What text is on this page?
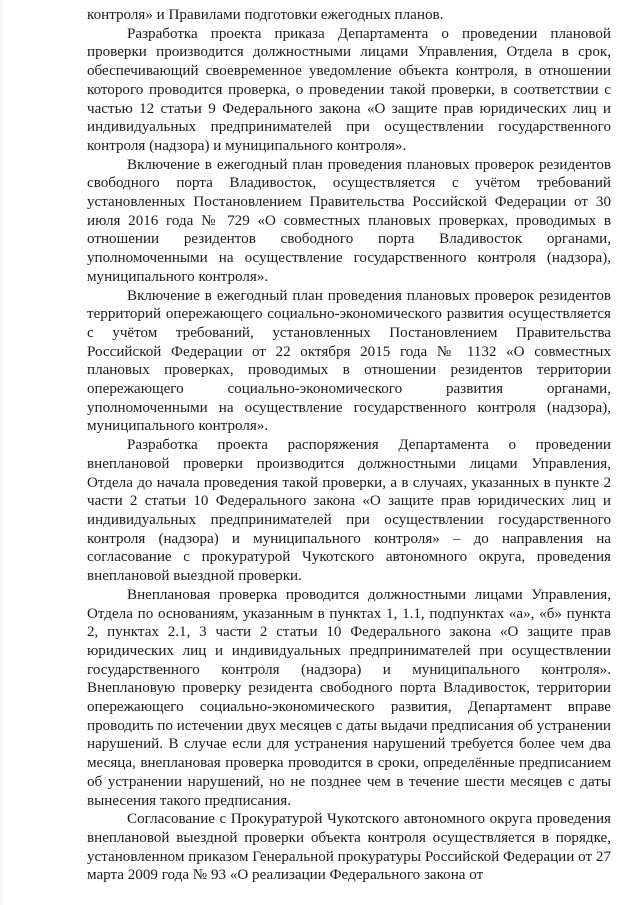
контроля» и Правилами подготовки ежегодных планов.

Разработка проекта приказа Департамента о проведении плановой проверки производится должностными лицами Управления, Отдела в срок, обеспечивающий своевременное уведомление объекта контроля, в отношении которого проводится проверка, о проведении такой проверки, в соответствии с частью 12 статьи 9 Федерального закона «О защите прав юридических лиц и индивидуальных предпринимателей при осуществлении государственного контроля (надзора) и муниципального контроля».

Включение в ежегодный план проведения плановых проверок резидентов свободного порта Владивосток, осуществляется с учётом требований установленных Постановлением Правительства Российской Федерации от 30 июля 2016 года № 729 «О совместных плановых проверках, проводимых в отношении резидентов свободного порта Владивосток органами, уполномоченными на осуществление государственного контроля (надзора), муниципального контроля».

Включение в ежегодный план проведения плановых проверок резидентов территорий опережающего социально-экономического развития осуществляется с учётом требований, установленных Постановлением Правительства Российской Федерации от 22 октября 2015 года № 1132 «О совместных плановых проверках, проводимых в отношении резидентов территории опережающего социально-экономического развития органами, уполномоченными на осуществление государственного контроля (надзора), муниципального контроля».

Разработка проекта распоряжения Департамента о проведении внеплановой проверки производится должностными лицами Управления, Отдела до начала проведения такой проверки, а в случаях, указанных в пункте 2 части 2 статьи 10 Федерального закона «О защите прав юридических лиц и индивидуальных предпринимателей при осуществлении государственного контроля (надзора) и муниципального контроля» – до направления на согласование с прокуратурой Чукотского автономного округа, проведения внеплановой выездной проверки.

Внеплановая проверка проводится должностными лицами Управления, Отдела по основаниям, указанным в пунктах 1, 1.1, подпунктах «а», «б» пункта 2, пунктах 2.1, 3 части 2 статьи 10 Федерального закона «О защите прав юридических лиц и индивидуальных предпринимателей при осуществлении государственного контроля (надзора) и муниципального контроля». Внеплановую проверку резидента свободного порта Владивосток, территории опережающего социально-экономического развития, Департамент вправе проводить по истечении двух месяцев с даты выдачи предписания об устранении нарушений. В случае если для устранения нарушений требуется более чем два месяца, внеплановая проверка проводится в сроки, определённые предписанием об устранении нарушений, но не позднее чем в течение шести месяцев с даты вынесения такого предписания.

Согласование с Прокуратурой Чукотского автономного округа проведения внеплановой выездной проверки объекта контроля осуществляется в порядке, установленном приказом Генеральной прокуратуры Российской Федерации от 27 марта 2009 года № 93 «О реализации Федерального закона от
